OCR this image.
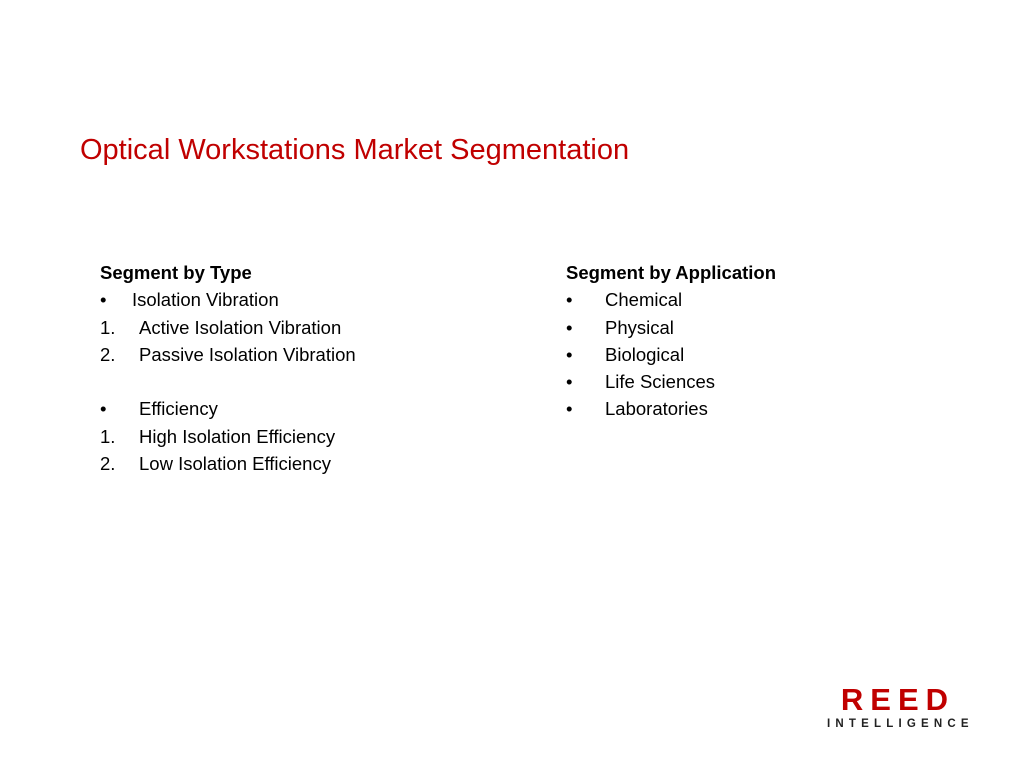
Optical Workstations Market Segmentation
Segment by Type
• Isolation Vibration
1. Active Isolation Vibration
2. Passive Isolation Vibration
• Efficiency
1. High Isolation Efficiency
2. Low Isolation Efficiency
Segment by Application
• Chemical
• Physical
• Biological
• Life Sciences
• Laboratories
REED
INTELLIGENCE
